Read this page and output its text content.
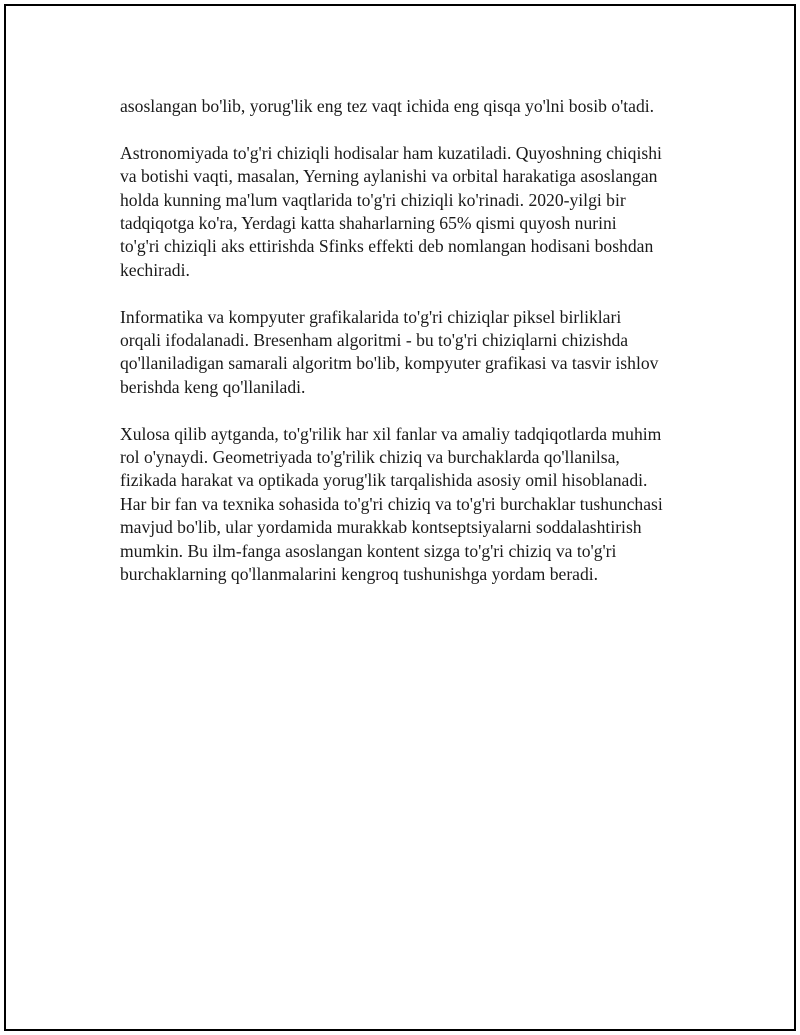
asoslangan bo'lib, yorug'lik eng tez vaqt ichida eng qisqa yo'lni bosib o'tadi.

Astronomiyada to'g'ri chiziqli hodisalar ham kuzatiladi. Quyoshning chiqishi
va botishi vaqti, masalan, Yerning aylanishi va orbital harakatiga asoslangan
holda kunning ma'lum vaqtlarida to'g'ri chiziqli ko'rinadi. 2020-yilgi bir
tadqiqotga ko'ra, Yerdagi katta shaharlarning 65% qismi quyosh nurini
to'g'ri chiziqli aks ettirishda Sfinks effekti deb nomlangan hodisani boshdan
kechiradi.

Informatika va kompyuter grafikalarida to'g'ri chiziqlar piksel birliklari
orqali ifodalanadi. Bresenham algoritmi - bu to'g'ri chiziqlarni chizishda
qo'llaniladigan samarali algoritm bo'lib, kompyuter grafikasi va tasvir ishlov
berishda keng qo'llaniladi.

Xulosa qilib aytganda, to'g'rilik har xil fanlar va amaliy tadqiqotlarda muhim
rol o'ynaydi. Geometriyada to'g'rilik chiziq va burchaklarda qo'llanilsa,
fizikada harakat va optikada yorug'lik tarqalishida asosiy omil hisoblanadi.
Har bir fan va texnika sohasida to'g'ri chiziq va to'g'ri burchaklar tushunchasi
mavjud bo'lib, ular yordamida murakkab kontseptsiyalarni soddalashtirish
mumkin. Bu ilm-fanga asoslangan kontent sizga to'g'ri chiziq va to'g'ri
burchaklarning qo'llanmalarini kengroq tushunishga yordam beradi.
